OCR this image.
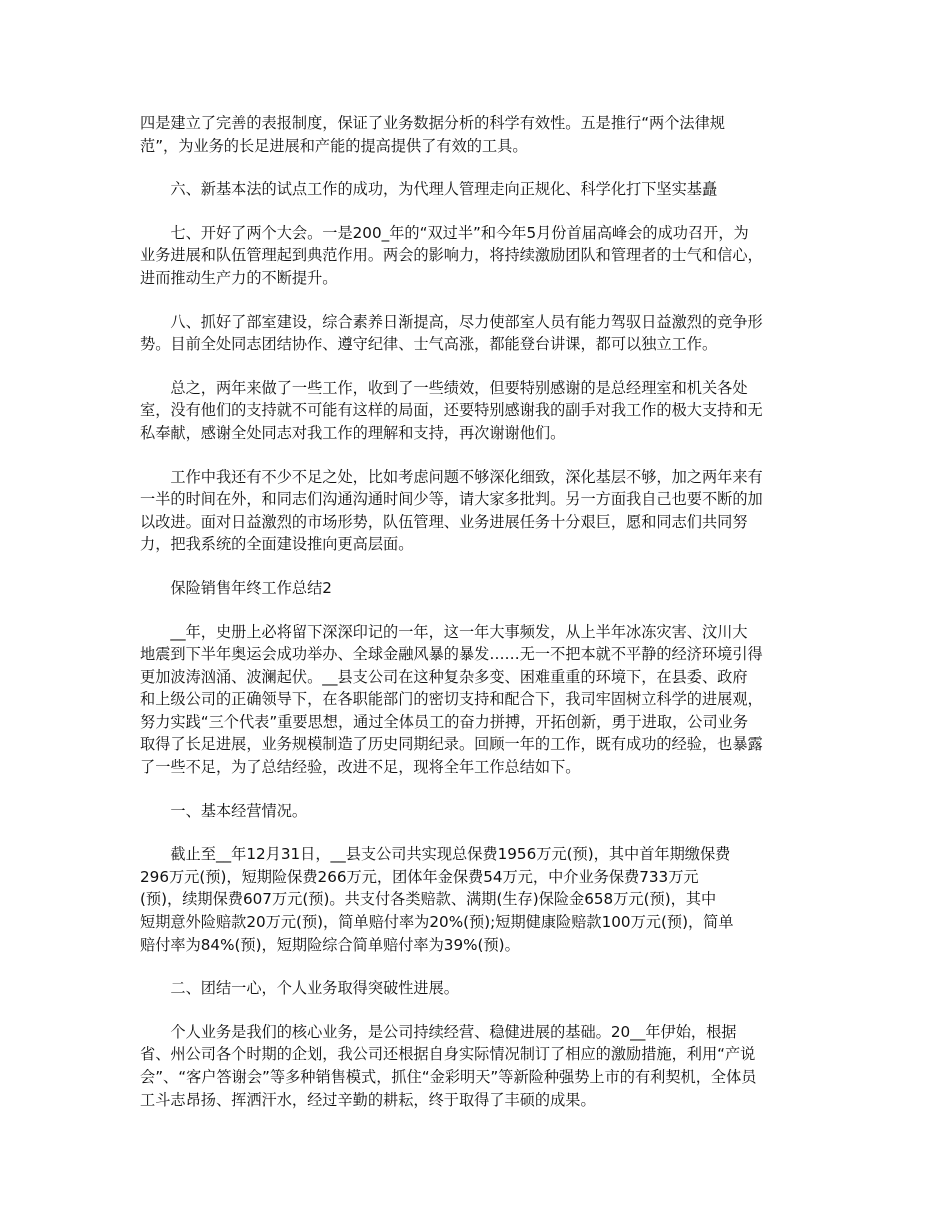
四是建立了完善的表报制度，保证了业务数据分析的科学有效性。五是推行“两个法律规
范”，为业务的长足进展和产能的提高提供了有效的工具。

六、新基本法的试点工作的成功，为代理人管理走向正规化、科学化打下坚实基矗

七、开好了两个大会。一是200_年的“双过半”和今年5月份首届高峰会的成功召开，为
业务进展和队伍管理起到典范作用。两会的影响力，将持续激励团队和管理者的士气和信心，
进而推动生产力的不断提升。

八、抓好了部室建设，综合素养日渐提高，尽力使部室人员有能力驾驭日益激烈的竞争形
势。目前全处同志团结协作、遵守纪律、士气高涨，都能登台讲课，都可以独立工作。

总之，两年来做了一些工作，收到了一些绩效，但要特别感谢的是总经理室和机关各处
室，没有他们的支持就不可能有这样的局面，还要特别感谢我的副手对我工作的极大支持和无
私奉献，感谢全处同志对我工作的理解和支持，再次谢谢他们。

工作中我还有不少不足之处，比如考虑问题不够深化细致，深化基层不够，加之两年来有
一半的时间在外，和同志们沟通沟通时间少等，请大家多批判。另一方面我自己也要不断的加
以改进。面对日益激烈的市场形势，队伍管理、业务进展任务十分艰巨，愿和同志们共同努
力，把我系统的全面建设推向更高层面。

保险销售年终工作总结2

__年，史册上必将留下深深印记的一年，这一年大事频发，从上半年冰冻灾害、汶川大
地震到下半年奥运会成功举办、全球金融风暴的暴发……无一不把本就不平静的经济环境引得
更加波涛汹涌、波澜起伏。__县支公司在这种复杂多变、困难重重的环境下，在县委、政府
和上级公司的正确领导下，在各职能部门的密切支持和配合下，我司牢固树立科学的进展观，
努力实践“三个代表”重要思想，通过全体员工的奋力拼搏，开拓创新，勇于进取，公司业务
取得了长足进展，业务规模制造了历史同期纪录。回顾一年的工作，既有成功的经验，也暴露
了一些不足，为了总结经验，改进不足，现将全年工作总结如下。

一、基本经营情况。

截止至__年12月31日，__县支公司共实现总保费1956万元(预)，其中首年期缴保费
296万元(预)，短期险保费266万元，团体年金保费54万元，中介业务保费733万元
(预)，续期保费607万元(预)。共支付各类赔款、满期(生存)保险金658万元(预)，其中
短期意外险赔款20万元(预)，简单赔付率为20%(预);短期健康险赔款100万元(预)，简单
赔付率为84%(预)，短期险综合简单赔付率为39%(预)。

二、团结一心，个人业务取得突破性进展。

个人业务是我们的核心业务，是公司持续经营、稳健进展的基础。20__年伊始，根据
省、州公司各个时期的企划，我公司还根据自身实际情况制订了相应的激励措施，利用“产说
会”、“客户答谢会”等多种销售模式，抓住“金彩明天”等新险种强势上市的有利契机，全体员
工斗志昂扬、挥洒汗水，经过辛勤的耕耘，终于取得了丰硕的成果。
